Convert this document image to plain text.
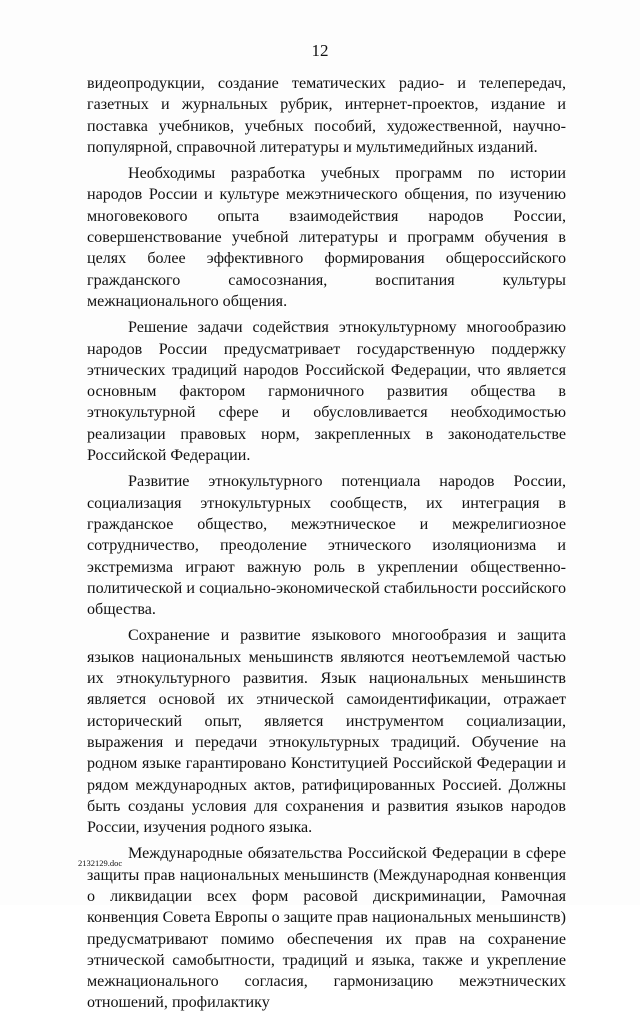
12

видеопродукции, создание тематических радио- и телепередач, газетных и журнальных рубрик, интернет-проектов, издание и поставка учебников, учебных пособий, художественной, научно-популярной, справочной литературы и мультимедийных изданий.

Необходимы разработка учебных программ по истории народов России и культуре межэтнического общения, по изучению многовекового опыта взаимодействия народов России, совершенствование учебной литературы и программ обучения в целях более эффективного формирования общероссийского гражданского самосознания, воспитания культуры межнационального общения.

Решение задачи содействия этнокультурному многообразию народов России предусматривает государственную поддержку этнических традиций народов Российской Федерации, что является основным фактором гармоничного развития общества в этнокультурной сфере и обусловливается необходимостью реализации правовых норм, закрепленных в законодательстве Российской Федерации.

Развитие этнокультурного потенциала народов России, социализация этнокультурных сообществ, их интеграция в гражданское общество, межэтническое и межрелигиозное сотрудничество, преодоление этнического изоляционизма и экстремизма играют важную роль в укреплении общественно-политической и социально-экономической стабильности российского общества.

Сохранение и развитие языкового многообразия и защита языков национальных меньшинств являются неотъемлемой частью их этнокультурного развития. Язык национальных меньшинств является основой их этнической самоидентификации, отражает исторический опыт, является инструментом социализации, выражения и передачи этнокультурных традиций. Обучение на родном языке гарантировано Конституцией Российской Федерации и рядом международных актов, ратифицированных Россией. Должны быть созданы условия для сохранения и развития языков народов России, изучения родного языка.

Международные обязательства Российской Федерации в сфере защиты прав национальных меньшинств (Международная конвенция о ликвидации всех форм расовой дискриминации, Рамочная конвенция Совета Европы о защите прав национальных меньшинств) предусматривают помимо обеспечения их прав на сохранение этнической самобытности, традиций и языка, также и укрепление межнационального согласия, гармонизацию межэтнических отношений, профилактику

2132129.doc
